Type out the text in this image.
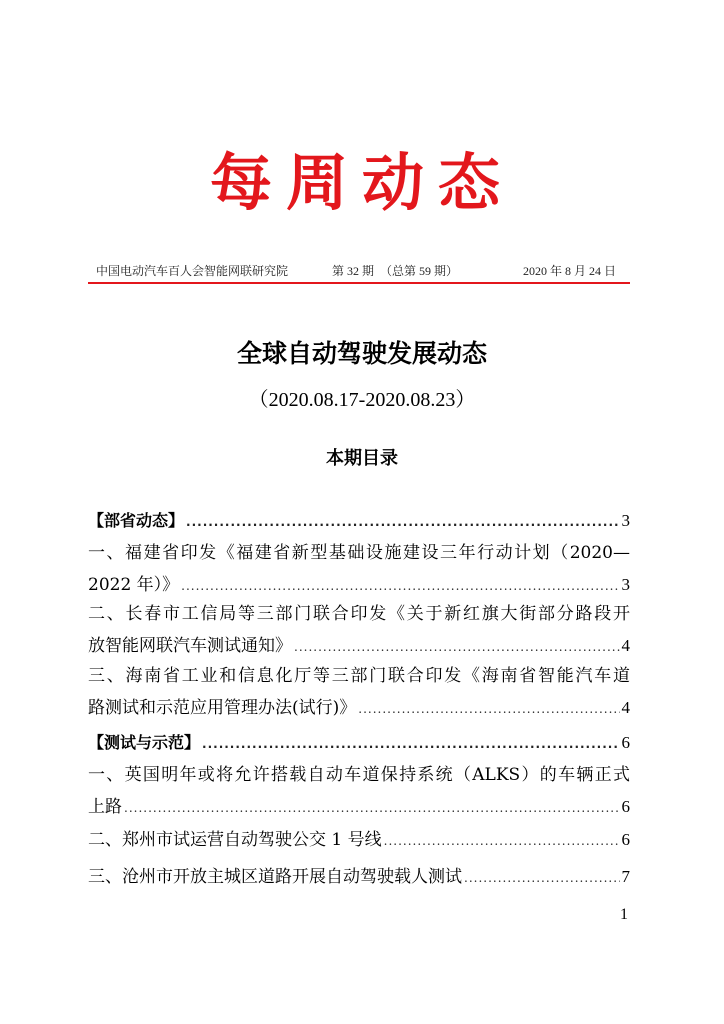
每周动态
中国电动汽车百人会智能网联研究院	第 32 期　（总第 59 期）	2020 年 8 月 24 日
全球自动驾驶发展动态
（2020.08.17-2020.08.23）
本期目录
【部省动态】 .....	3
一、福建省印发《福建省新型基础设施建设三年行动计划（2020—
2022 年）》 .....	3
二、长春市工信局等三部门联合印发《关于新红旗大街部分路段开
放智能网联汽车测试通知》 .....	4
三、海南省工业和信息化厅等三部门联合印发《海南省智能汽车道
路测试和示范应用管理办法(试行)》 .....	4
【测试与示范】 .....	6
一、英国明年或将允许搭载自动车道保持系统（ALKS）的车辆正式
上路 .....	6
二、郑州市试运营自动驾驶公交 1 号线 .....	6
三、沧州市开放主城区道路开展自动驾驶载人测试 .....	7
1
